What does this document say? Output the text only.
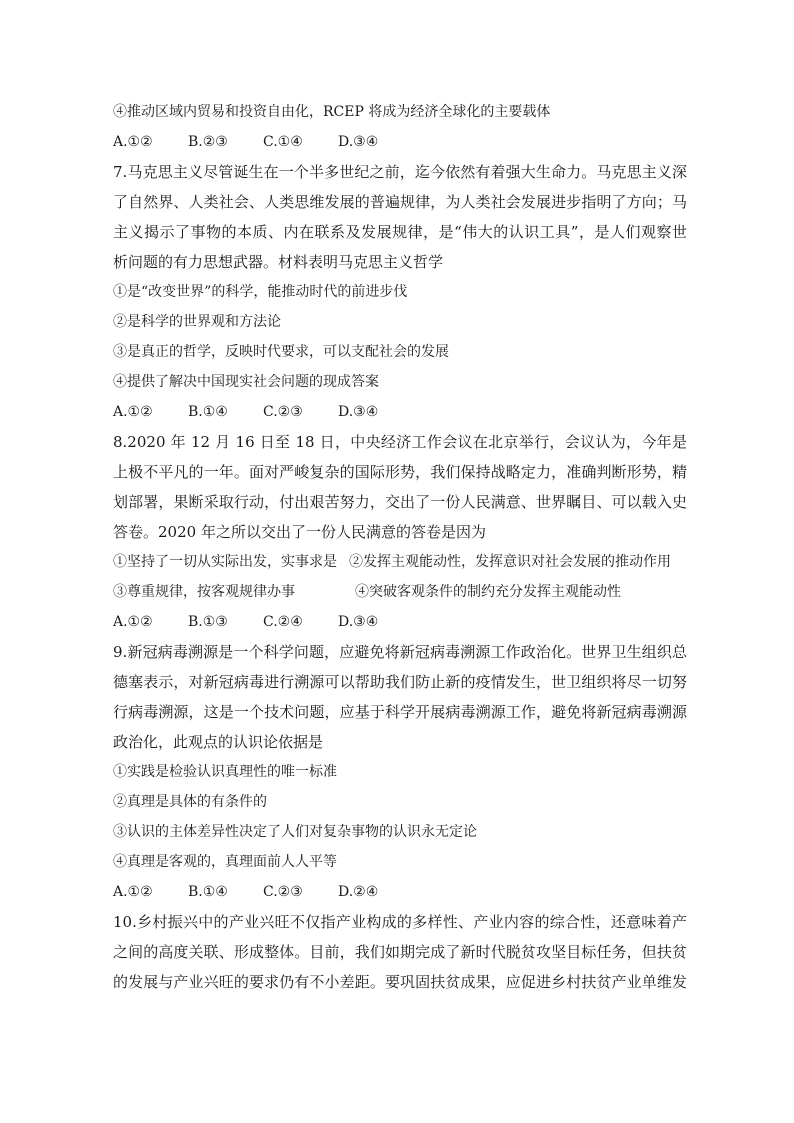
④推动区域内贸易和投资自由化，RCEP 将成为经济全球化的主要载体
A.①②	B.②③	C.①④	D.③④
7.马克思主义尽管诞生在一个半多世纪之前，迄今依然有着强大生命力。马克思主义深
了自然界、人类社会、人类思维发展的普遍规律，为人类社会发展进步指明了方向；马
主义揭示了事物的本质、内在联系及发展规律，是“伟大的认识工具”，是人们观察世
析问题的有力思想武器。材料表明马克思主义哲学
①是“改变世界”的科学，能推动时代的前进步伐
②是科学的世界观和方法论
③是真正的哲学，反映时代要求，可以支配社会的发展
④提供了解决中国现实社会问题的现成答案
A.①②	B.①④	C.②③	D.③④
8.2020 年 12 月 16 日至 18 日，中央经济工作会议在北京举行，会议认为，今年是
上极不平凡的一年。面对严峻复杂的国际形势，我们保持战略定力，准确判断形势，精
划部署，果断采取行动，付出艰苦努力，交出了一份人民满意、世界瞩目、可以载入史
答卷。2020 年之所以交出了一份人民满意的答卷是因为
①坚持了一切从实际出发，实事求是 ②发挥主观能动性，发挥意识对社会发展的推动作用
③尊重规律，按客观规律办事	④突破客观条件的制约充分发挥主观能动性
A.①②	B.①③	C.②④	D.③④
9.新冠病毒溯源是一个科学问题，应避免将新冠病毒溯源工作政治化。世界卫生组织总
德塞表示，对新冠病毒进行溯源可以帮助我们防止新的疫情发生，世卫组织将尽一切努
行病毒溯源，这是一个技术问题，应基于科学开展病毒溯源工作，避免将新冠病毒溯源
政治化，此观点的认识论依据是
①实践是检验认识真理性的唯一标准
②真理是具体的有条件的
③认识的主体差异性决定了人们对复杂事物的认识永无定论
④真理是客观的，真理面前人人平等
A.①②	B.①④	C.②③	D.②④
10.乡村振兴中的产业兴旺不仅指产业构成的多样性、产业内容的综合性，还意味着产
之间的高度关联、形成整体。目前，我们如期完成了新时代脱贫攻坚目标任务，但扶贫
的发展与产业兴旺的要求仍有不小差距。要巩固扶贫成果，应促进乡村扶贫产业单维发
